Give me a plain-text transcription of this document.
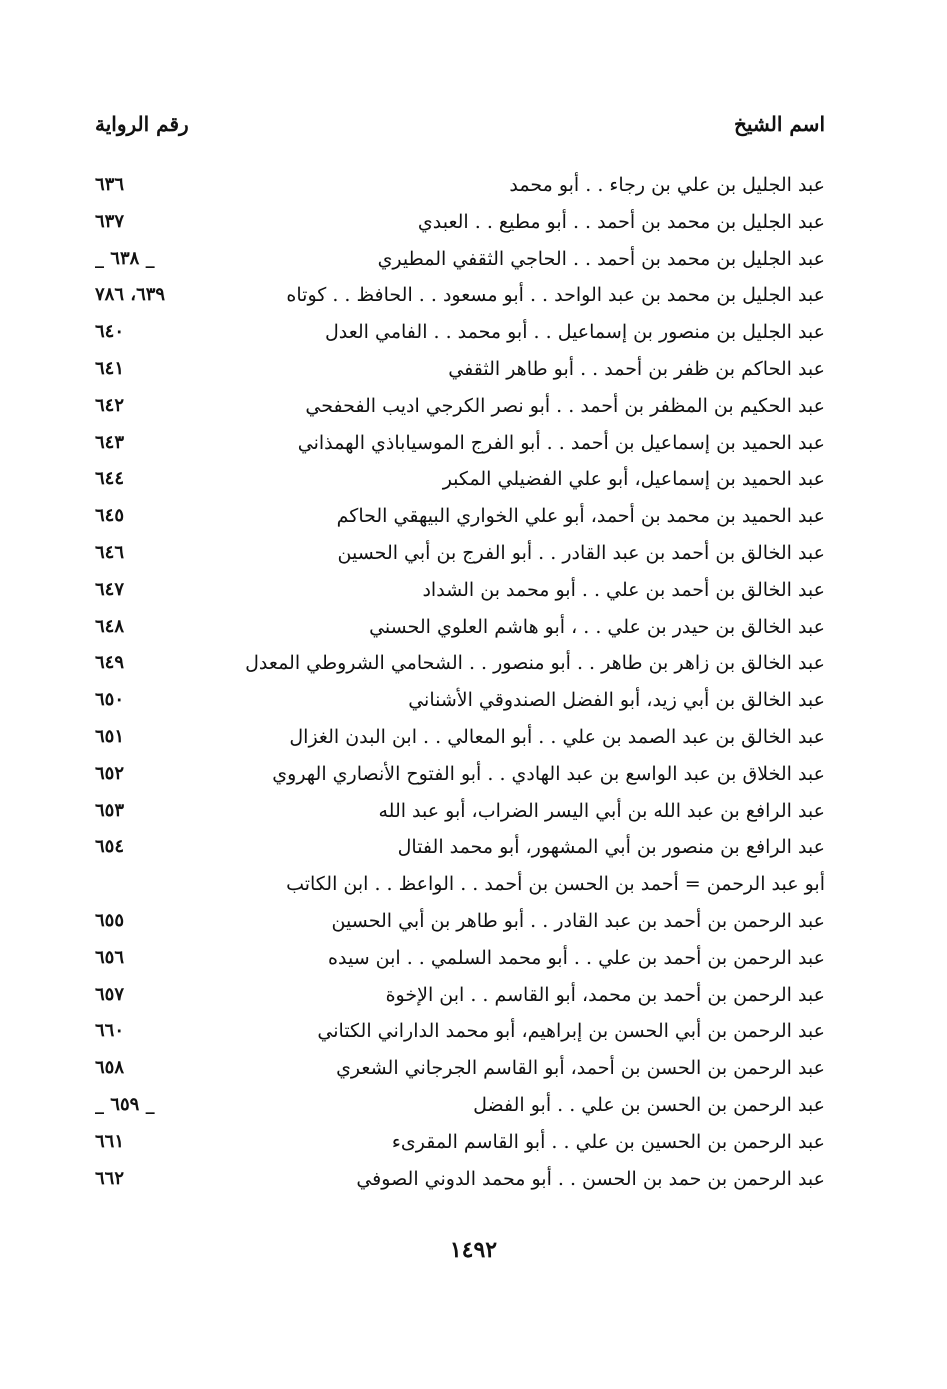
اسم الشيخ
رقم الرواية
عبد الجليل بن علي بن رجاء . . أبو محمد
٦٣٦
عبد الجليل بن محمد بن أحمد . . أبو مطيع . . العبدي
٦٣٧
عبد الجليل بن محمد بن أحمد . . الحاجي الثقفي المطيري
_ ٦٣٨ _
عبد الجليل بن محمد بن عبد الواحد . . أبو مسعود . . الحافظ . . كوتاه
٦٣٩، ٧٨٦
عبد الجليل بن منصور بن إسماعيل . . أبو محمد . . الفامي العدل
٦٤٠
عبد الحاكم بن ظفر بن أحمد . . أبو طاهر الثقفي
٦٤١
عبد الحكيم بن المظفر بن أحمد . . أبو نصر الكرجي اديب الفحفحي
٦٤٢
عبد الحميد بن إسماعيل بن أحمد . . أبو الفرج الموسياباذي الهمذاني
٦٤٣
عبد الحميد بن إسماعيل، أبو علي الفضيلي المكبر
٦٤٤
عبد الحميد بن محمد بن أحمد، أبو علي الخواري البيهقي الحاكم
٦٤٥
عبد الخالق بن أحمد بن عبد القادر . . أبو الفرج بن أبي الحسين
٦٤٦
عبد الخالق بن أحمد بن علي . . أبو محمد بن الشداد
٦٤٧
عبد الخالق بن حيدر بن علي . . ، أبو هاشم العلوي الحسني
٦٤٨
عبد الخالق بن زاهر بن طاهر . . أبو منصور . . الشحامي الشروطي المعدل
٦٤٩
عبد الخالق بن أبي زيد، أبو الفضل الصندوقي الأشناني
٦٥٠
عبد الخالق بن عبد الصمد بن علي . . أبو المعالي . . ابن البدن الغزال
٦٥١
عبد الخلاق بن عبد الواسع بن عبد الهادي . . أبو الفتوح الأنصاري الهروي
٦٥٢
عبد الرافع بن عبد الله بن أبي اليسر الضراب، أبو عبد الله
٦٥٣
عبد الرافع بن منصور بن أبي المشهور، أبو محمد الفتال
٦٥٤
أبو عبد الرحمن = أحمد بن الحسن بن أحمد . . الواعظ . . ابن الكاتب
عبد الرحمن بن أحمد بن عبد القادر . . أبو طاهر بن أبي الحسين
٦٥٥
عبد الرحمن بن أحمد بن علي . . أبو محمد السلمي . . ابن سيده
٦٥٦
عبد الرحمن بن أحمد بن محمد، أبو القاسم . . ابن الإخوة
٦٥٧
عبد الرحمن بن أبي الحسن بن إبراهيم، أبو محمد الداراني الكتاني
٦٦٠
عبد الرحمن بن الحسن بن أحمد، أبو القاسم الجرجاني الشعري
٦٥٨
عبد الرحمن بن الحسن بن علي . . أبو الفضل
_ ٦٥٩ _
عبد الرحمن بن الحسين بن علي . . أبو القاسم المقرىء
٦٦١
عبد الرحمن بن حمد بن الحسن . . أبو محمد الدوني الصوفي
٦٦٢
١٤٩٢
